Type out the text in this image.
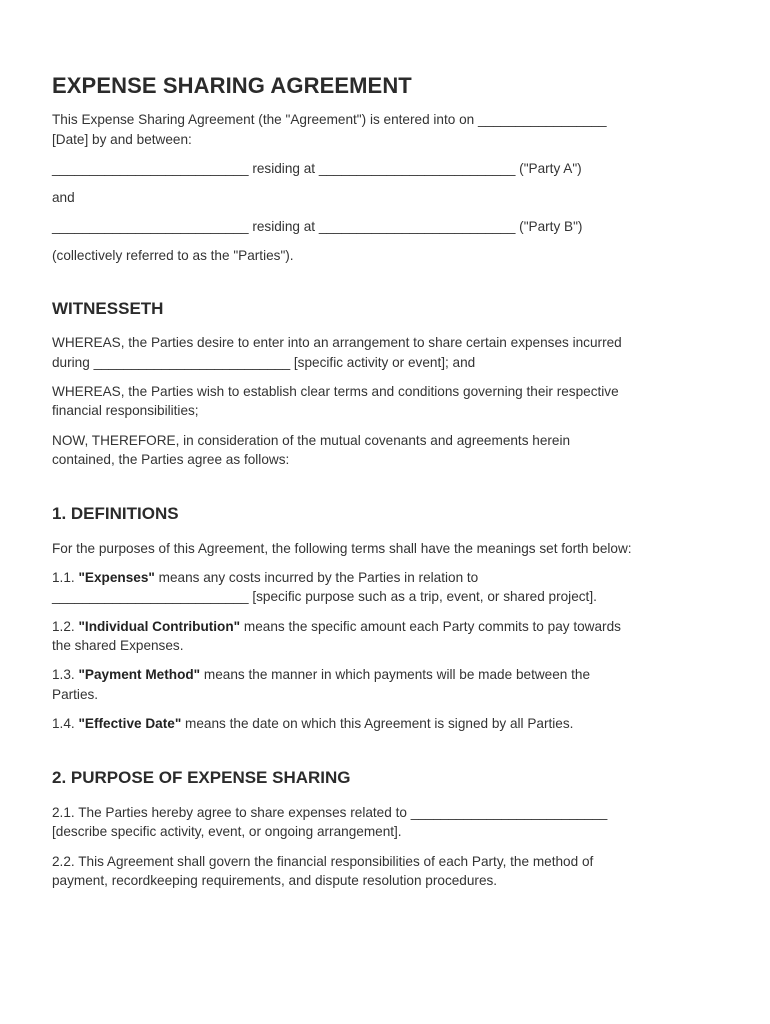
EXPENSE SHARING AGREEMENT

This Expense Sharing Agreement (the "Agreement") is entered into on _________________
[Date] by and between:

__________________________ residing at __________________________ ("Party A")

and

__________________________ residing at __________________________ ("Party B")

(collectively referred to as the "Parties").

WITNESSETH

WHEREAS, the Parties desire to enter into an arrangement to share certain expenses incurred
during __________________________ [specific activity or event]; and

WHEREAS, the Parties wish to establish clear terms and conditions governing their respective
financial responsibilities;

NOW, THEREFORE, in consideration of the mutual covenants and agreements herein
contained, the Parties agree as follows:

1. DEFINITIONS

For the purposes of this Agreement, the following terms shall have the meanings set forth below:

1.1. "Expenses" means any costs incurred by the Parties in relation to
__________________________ [specific purpose such as a trip, event, or shared project].

1.2. "Individual Contribution" means the specific amount each Party commits to pay towards
the shared Expenses.

1.3. "Payment Method" means the manner in which payments will be made between the
Parties.

1.4. "Effective Date" means the date on which this Agreement is signed by all Parties.

2. PURPOSE OF EXPENSE SHARING

2.1. The Parties hereby agree to share expenses related to __________________________
[describe specific activity, event, or ongoing arrangement].

2.2. This Agreement shall govern the financial responsibilities of each Party, the method of
payment, recordkeeping requirements, and dispute resolution procedures.
